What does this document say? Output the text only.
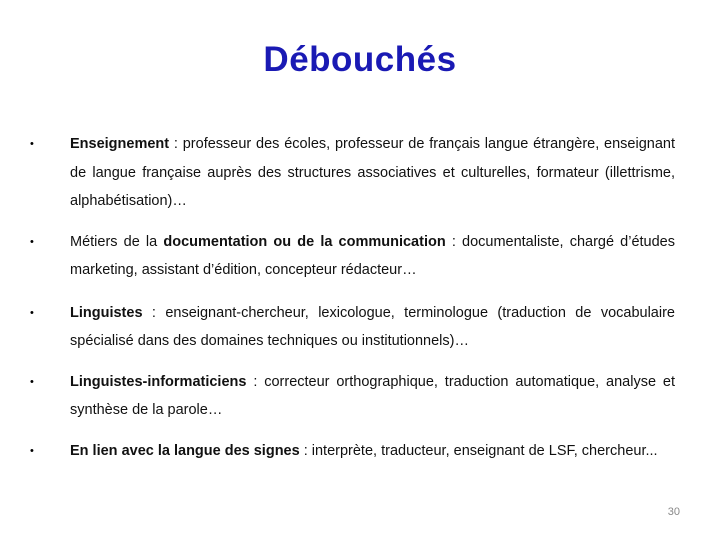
Débouchés
•	Enseignement : professeur des écoles, professeur de français langue étrangère, enseignant de langue française auprès des structures associatives et culturelles, formateur (illettrisme, alphabétisation)…
•	Métiers de la documentation ou de la communication : documentaliste, chargé d’études marketing, assistant d’édition, concepteur rédacteur…
•	Linguistes : enseignant-chercheur, lexicologue, terminologue (traduction de vocabulaire spécialisé dans des domaines techniques ou institutionnels)…
•	Linguistes-informaticiens : correcteur orthographique, traduction automatique, analyse et synthèse de la parole…
•	En lien avec la langue des signes : interprète, traducteur, enseignant de LSF, chercheur...
30
